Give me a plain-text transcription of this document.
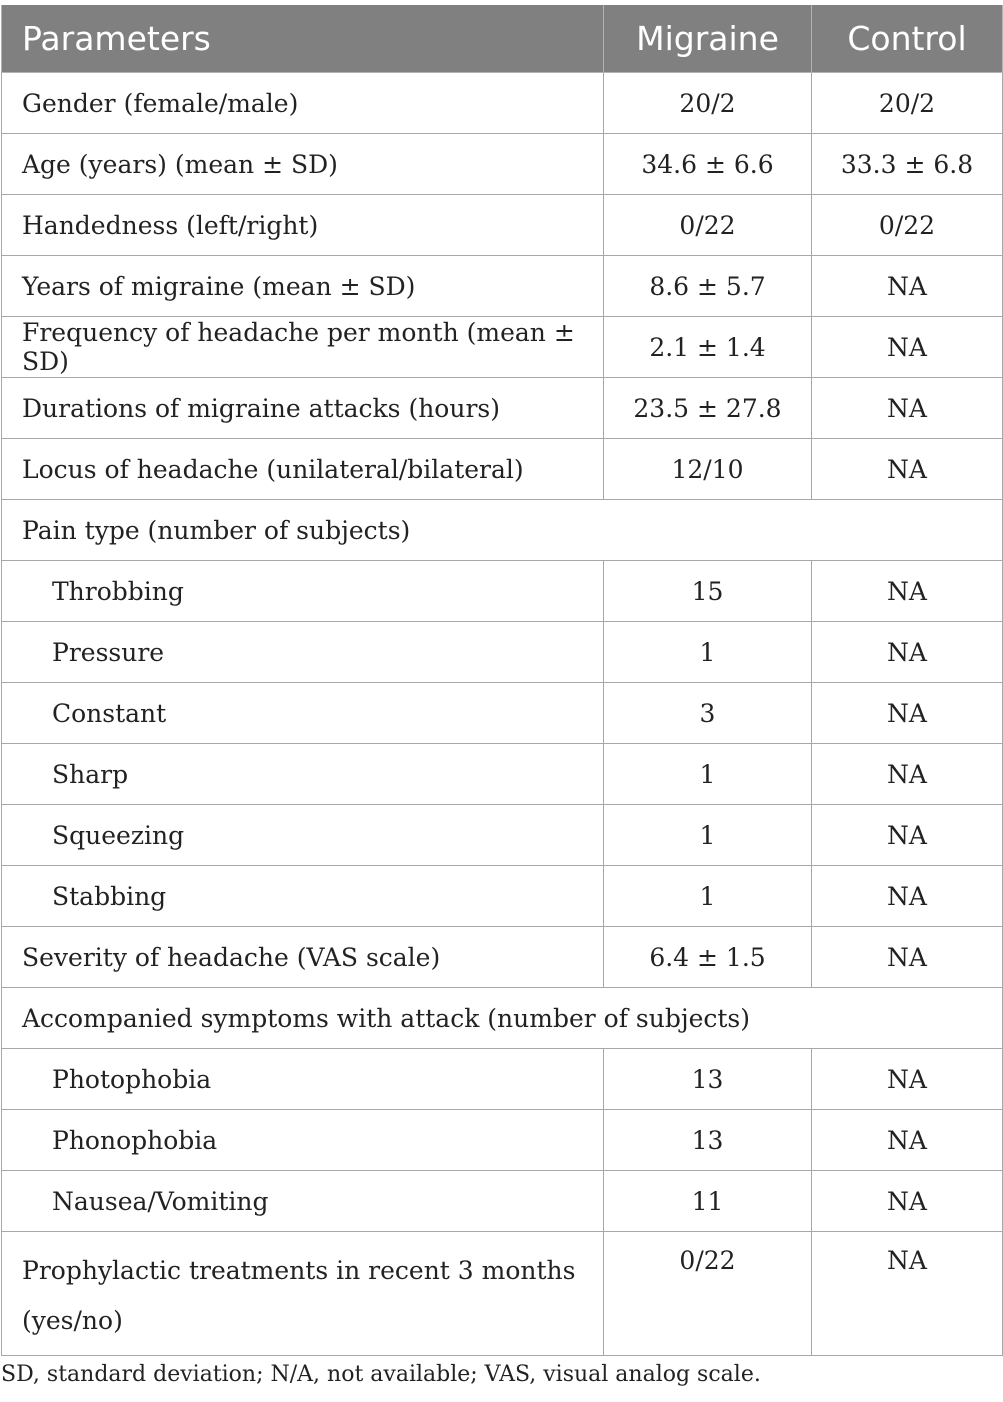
Parameters	Migraine	Control
Gender (female/male)	20/2	20/2
Age (years) (mean ± SD)	34.6 ± 6.6	33.3 ± 6.8
Handedness (left/right)	0/22	0/22
Years of migraine (mean ± SD)	8.6 ± 5.7	NA
Frequency of headache per month (mean ± SD)	2.1 ± 1.4	NA
Durations of migraine attacks (hours)	23.5 ± 27.8	NA
Locus of headache (unilateral/bilateral)	12/10	NA
Pain type (number of subjects)		
Throbbing	15	NA
Pressure	1	NA
Constant	3	NA
Sharp	1	NA
Squeezing	1	NA
Stabbing	1	NA
Severity of headache (VAS scale)	6.4 ± 1.5	NA
Accompanied symptoms with attack (number of subjects)		
Photophobia	13	NA
Phonophobia	13	NA
Nausea/Vomiting	11	NA
Prophylactic treatments in recent 3 months (yes/no)	0/22	NA
SD, standard deviation; N/A, not available; VAS, visual analog scale.
